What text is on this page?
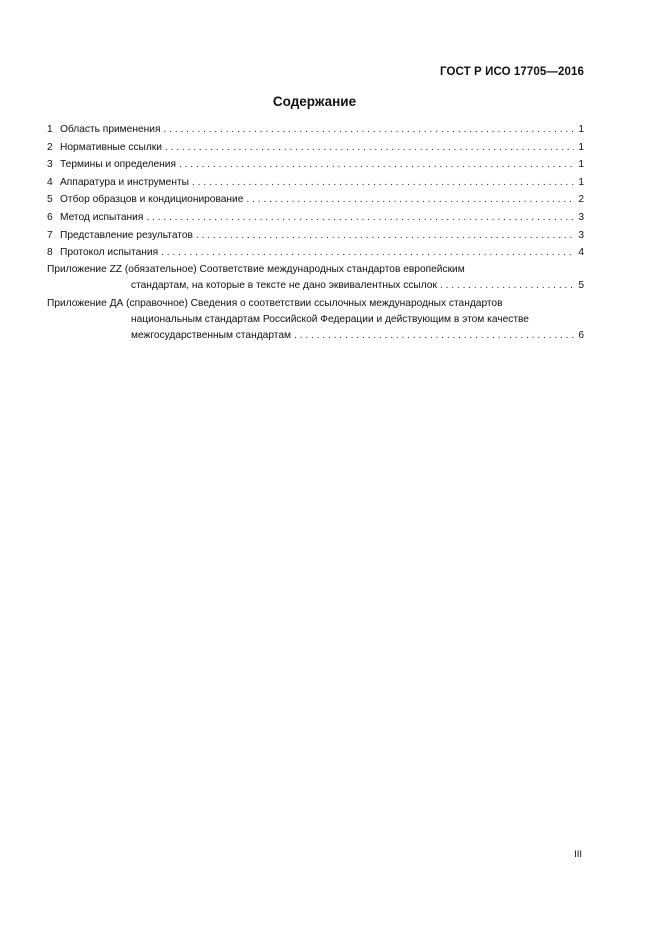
ГОСТ Р ИСО 17705—2016
Содержание
1 Область применения . . .	1
2 Нормативные ссылки . . .	1
3 Термины и определения . . .	1
4 Аппаратура и инструменты . . .	1
5 Отбор образцов и кондиционирование . . .	2
6 Метод испытания . . .	3
7 Представление результатов . . .	3
8 Протокол испытания . . .	4
Приложение ZZ (обязательное) Соответствие международных стандартов европейским
стандартам, на которые в тексте не дано эквивалентных ссылок . . .	5
Приложение ДА (справочное) Сведения о соответствии ссылочных международных стандартов
национальным стандартам Российской Федерации и действующим в этом качестве
межгосударственным стандартам . . .	6
III
